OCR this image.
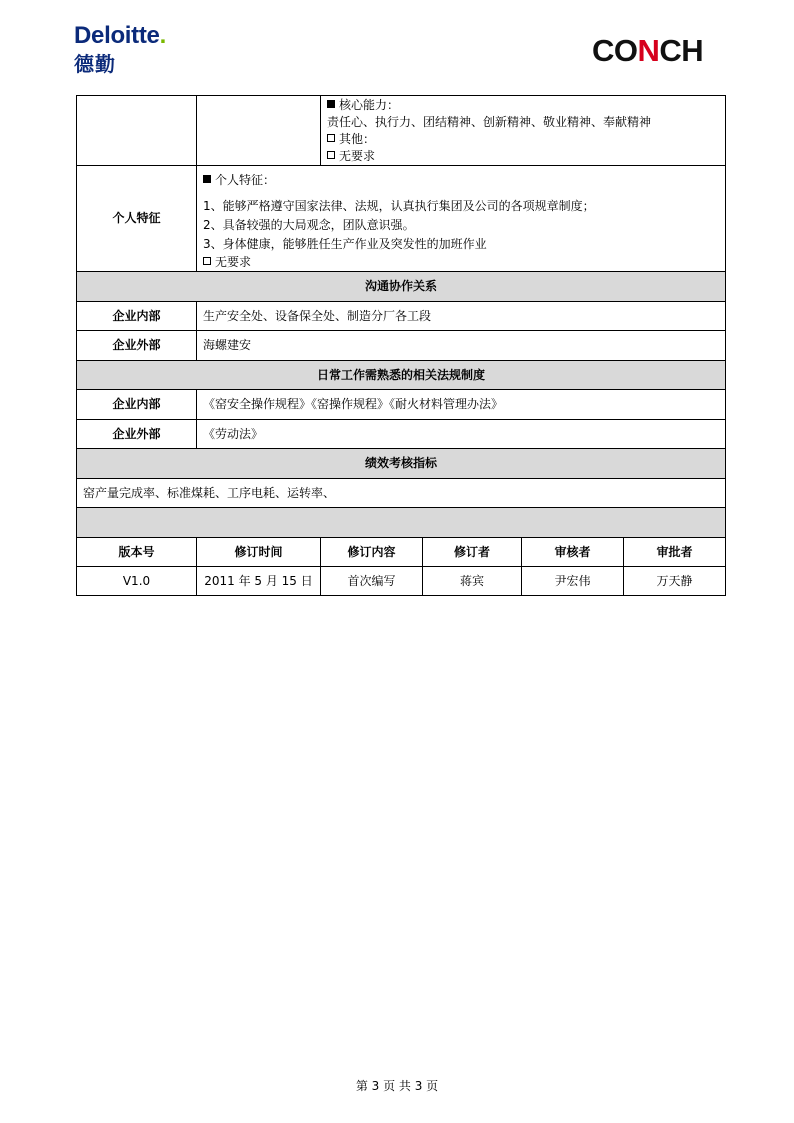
Deloitte.
德勤	CONCH

		核心能力：
责任心、执行力、团结精神、创新精神、敬业精神、奉献精神
其他：
无要求			

个人特征	个人特征：
1、能够严格遵守国家法律、法规，认真执行集团及公司的各项规章制度；
2、具备较强的大局观念，团队意识强。
3、身体健康，能够胜任生产作业及突发性的加班作业
无要求				

沟通协作关系					
企业内部	生产安全处、设备保全处、制造分厂各工段				
企业外部	海螺建安				
日常工作需熟悉的相关法规制度					
企业内部	《窑安全操作规程》《窑操作规程》《耐火材料管理办法》				
企业外部	《劳动法》				
绩效考核指标					
窑产量完成率、标准煤耗、工序电耗、运转率、					

版本号	修订时间	修订内容	修订者	审核者	审批者
V1.0	2011 年 5 月 15 日	首次编写	蒋宾	尹宏伟	万天静
第 3 页 共 3 页
